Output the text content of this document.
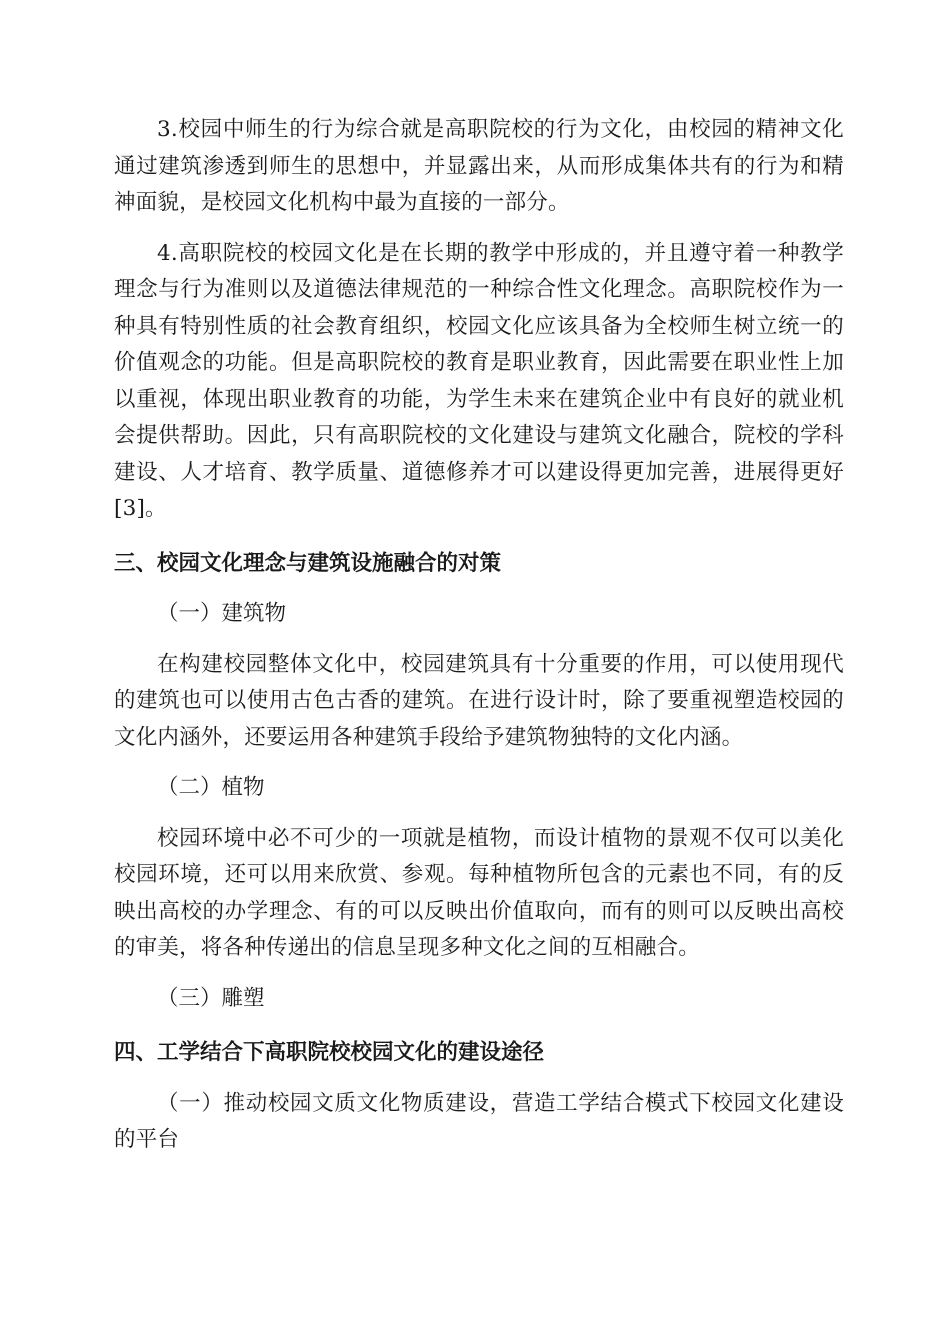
3.校园中师生的行为综合就是高职院校的行为文化，由校园的精神文化通过建筑渗透到师生的思想中，并显露出来，从而形成集体共有的行为和精神面貌，是校园文化机构中最为直接的一部分。

4.高职院校的校园文化是在长期的教学中形成的，并且遵守着一种教学理念与行为准则以及道德法律规范的一种综合性文化理念。高职院校作为一种具有特别性质的社会教育组织，校园文化应该具备为全校师生树立统一的价值观念的功能。但是高职院校的教育是职业教育，因此需要在职业性上加以重视，体现出职业教育的功能，为学生未来在建筑企业中有良好的就业机会提供帮助。因此，只有高职院校的文化建设与建筑文化融合，院校的学科建设、人才培育、教学质量、道德修养才可以建设得更加完善，进展得更好[3]。

三、校园文化理念与建筑设施融合的对策

（一）建筑物

在构建校园整体文化中，校园建筑具有十分重要的作用，可以使用现代的建筑也可以使用古色古香的建筑。在进行设计时，除了要重视塑造校园的文化内涵外，还要运用各种建筑手段给予建筑物独特的文化内涵。

（二）植物

校园环境中必不可少的一项就是植物，而设计植物的景观不仅可以美化校园环境，还可以用来欣赏、参观。每种植物所包含的元素也不同，有的反映出高校的办学理念、有的可以反映出价值取向，而有的则可以反映出高校的审美，将各种传递出的信息呈现多种文化之间的互相融合。

（三）雕塑

四、工学结合下高职院校校园文化的建设途径

（一）推动校园文质文化物质建设，营造工学结合模式下校园文化建设的平台
